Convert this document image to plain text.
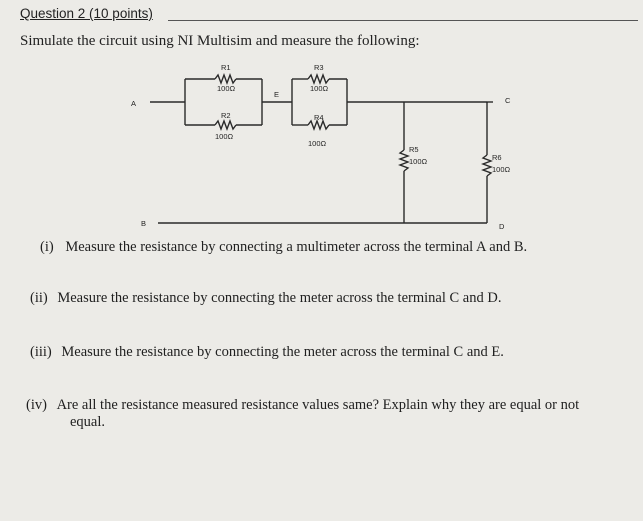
Question 2 (10 points)
Simulate the circuit using NI Multisim and measure the following:
R1
100Ω
R2
100Ω
R3
100Ω
R4
100Ω
R5
100Ω	R6
100Ω
A
B
C
D
E
(i) Measure the resistance by connecting a multimeter across the terminal A and B.
(ii) Measure the resistance by connecting the meter across the terminal C and D.
(iii) Measure the resistance by connecting the meter across the terminal C and E.
(iv) Are all the resistance measured resistance values same? Explain why they are equal or not
equal.
